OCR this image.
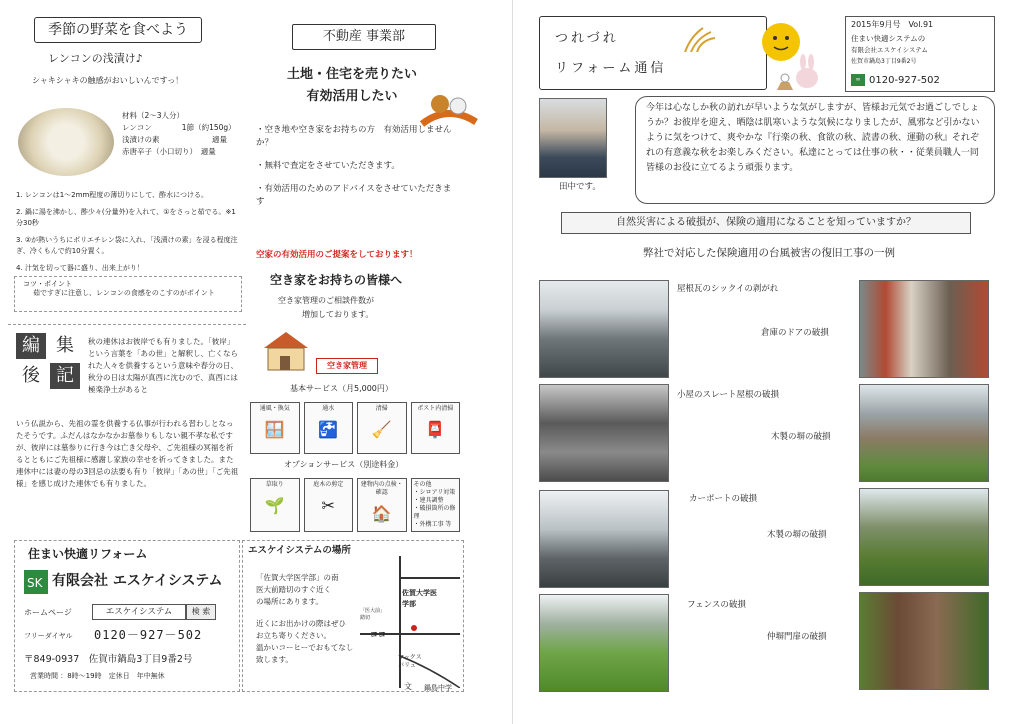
季節の野菜を食べよう
レンコンの浅漬け♪
シャキシャキの触感がおいしいんですっ！
材料（2～3人分）
レンコン　　　　1節（約150g）
浅漬けの素　　　　　　　適量
赤唐辛子（小口切り）　適量
1. レンコンは1～2mm程度の薄切りにして、酢水につける。
2. 鍋に湯を沸かし、酢少々(分量外)を入れて、①をさっと茹でる。※1分30秒
3. ②が熱いうちにポリエチレン袋に入れ、「浅漬けの素」を浸る程度注ぎ、冷くもんで約10分置く。
4. 汁気を切って器に盛り、出来上がり！
コツ・ポイント
茹ですぎに注意し、レンコンの食感をのこすのがポイント
編 集
後 記
秋の連休はお彼岸でも有りました。「彼岸」という言葉を「あの世」と解釈し、亡くなられた人々を供養するという意味や春分の日、秋分の日は太陽が真西に沈むので、真西には極楽浄土があると
いう仏説から、先祖の霊を供養する仏事が行われる習わしとなったそうです。ふだんはなかなかお墓参りもしない親不孝な私ですが、彼岸には墓参りに行き今は亡き父母や、ご先祖様の冥福を祈るとともにご先祖様に感謝し家族の幸せを祈ってきました。また連休中には妻の母の3回忌の法要も有り「彼岸」「あの世」「ご先祖様」を感じ成けた連休でも有りました。
不動産 事業部
土地・住宅を売りたい
有効活用したい
・ 空き地や空き家をお持ちの方　有効活用しませんか？
・ 無料で査定をさせていただきます。
・ 有効活用のためのアドバイスをさせていただきます
空家の有効活用のご提案をしております！
空き家をお持ちの皆様へ
空き家管理のご相談件数が
増加しております。
空き家管理
基本サービス（月5,000円）
通風・換気
🪟
通水
🚰
清掃
🧹
ポスト内清掃
📮
オプションサービス（別途料金）
草取り
🌱
庭木の剪定
✂
建物内の点検・確認
🏠
その他
・シロアリ対策
・建具調整
・破損箇所の修理
・外構工事 等
住まい快適リフォーム
SK 有限会社 エスケイシステム
ホームページ	エスケイシステム	検 索
フリーダイヤル 0120－927－502
〒849-0937　佐賀市鍋島3丁目9番2号
営業時間 ：8時～19時　定休日　年中無休
エスケイシステムの場所
「佐賀大学医学部」の南
医大前踏切のすぐ近く
の場所にあります。
近くにお出かけの際はぜひ
お立ち寄りください。
温かいコーヒーでおもてなし
致します。
佐賀大学医学部
「医大前」踏切
ココ
マックスバリュ
文 鍋島中学
つれづれ
リフォーム通信
2015年9月号　Vol.91
住まい快適システムの
有限会社エスケイシステム
佐賀市鍋島3丁目9番2号
∞ 0120-927-502
田中です。
今年は心なしか秋の訪れが早いような気がしますが、皆様お元気でお過ごしでしょうか？お彼岸を迎え、晒陰は肌寒いような気候になりましたが、風邪など引かないように気をつけて、爽やかな『行楽の秋、食欲の秋、読書の秋、運動の秋』それぞれの有意義な秋をお楽しみください。私達にとっては仕事の秋・・従業員職人一同皆様のお役に立てるよう頑張ります。
自然災害による破損が、保険の適用になることを知っていますか？
弊社で対応した保険適用の台風被害の復旧工事の一例
屋根瓦のシックイの剥がれ
倉庫のドアの破損
小屋のスレート屋根の破損
木製の塀の破損
カーポートの破損
木製の塀の破損
フェンスの破損
仲塀門扉の破損
